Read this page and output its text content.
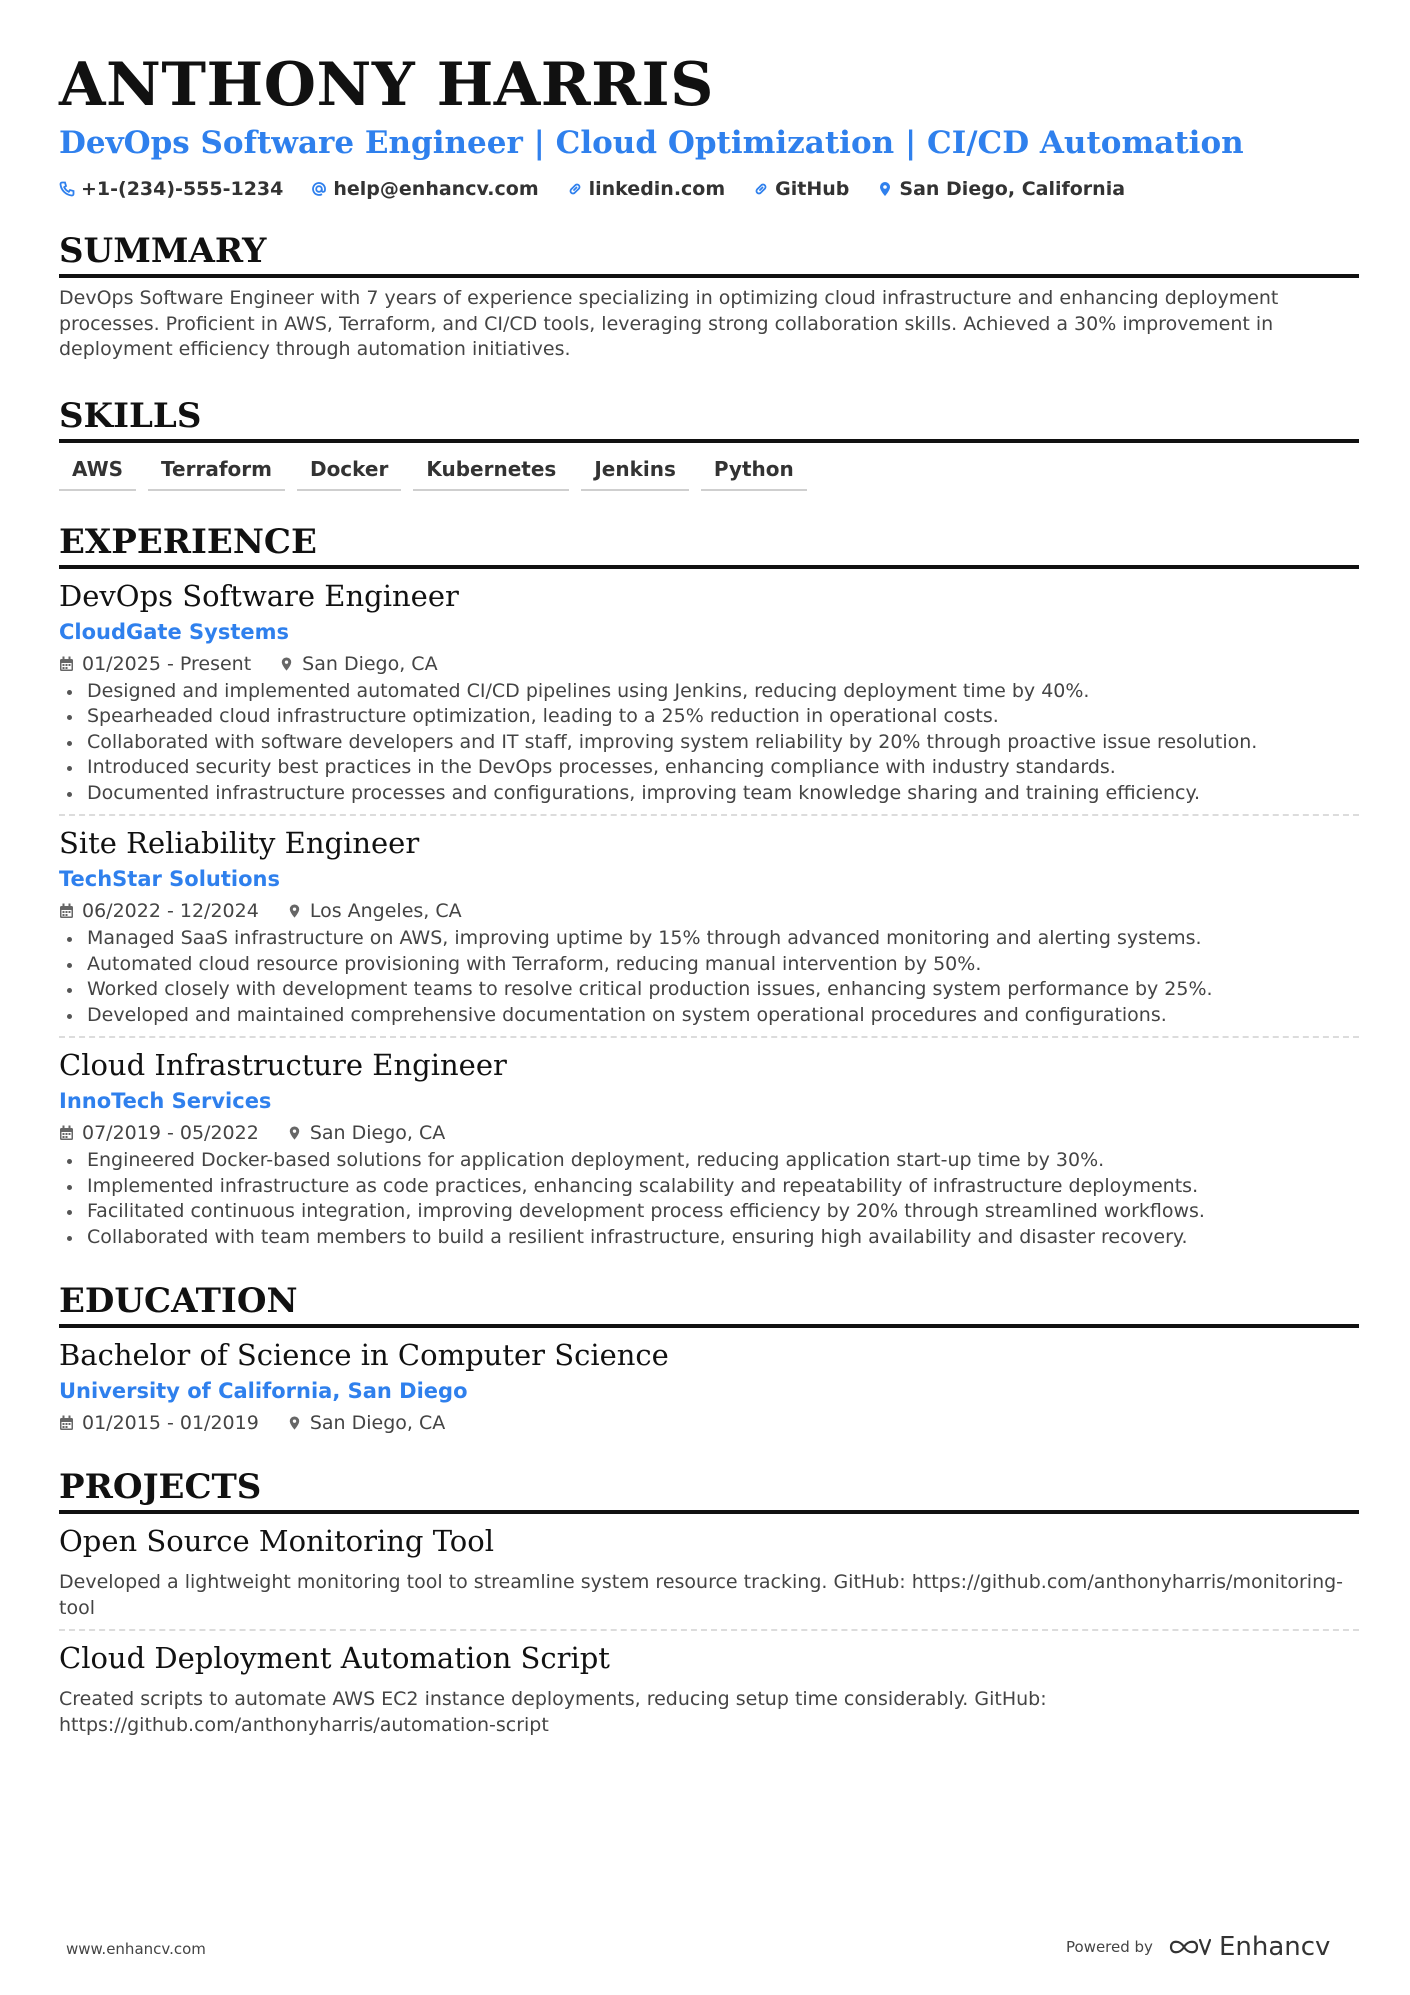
ANTHONY HARRIS
DevOps Software Engineer | Cloud Optimization | CI/CD Automation
+1-(234)-555-1234	help@enhancv.com	linkedin.com	GitHub	San Diego, California
SUMMARY

DevOps Software Engineer with 7 years of experience specializing in optimizing cloud infrastructure and enhancing deployment processes. Proficient in AWS, Terraform, and CI/CD tools, leveraging strong collaboration skills. Achieved a 30% improvement in deployment efficiency through automation initiatives.

SKILLS
AWS	Terraform	Docker	Kubernetes	Jenkins	Python
EXPERIENCE
DevOps Software Engineer
CloudGate Systems
01/2025 - Present	San Diego, CA
Designed and implemented automated CI/CD pipelines using Jenkins, reducing deployment time by 40%.
Spearheaded cloud infrastructure optimization, leading to a 25% reduction in operational costs.
Collaborated with software developers and IT staff, improving system reliability by 20% through proactive issue resolution.
Introduced security best practices in the DevOps processes, enhancing compliance with industry standards.
Documented infrastructure processes and configurations, improving team knowledge sharing and training efficiency.
Site Reliability Engineer
TechStar Solutions
06/2022 - 12/2024	Los Angeles, CA
Managed SaaS infrastructure on AWS, improving uptime by 15% through advanced monitoring and alerting systems.
Automated cloud resource provisioning with Terraform, reducing manual intervention by 50%.
Worked closely with development teams to resolve critical production issues, enhancing system performance by 25%.
Developed and maintained comprehensive documentation on system operational procedures and configurations.
Cloud Infrastructure Engineer
InnoTech Services
07/2019 - 05/2022	San Diego, CA
Engineered Docker-based solutions for application deployment, reducing application start-up time by 30%.
Implemented infrastructure as code practices, enhancing scalability and repeatability of infrastructure deployments.
Facilitated continuous integration, improving development process efficiency by 20% through streamlined workflows.
Collaborated with team members to build a resilient infrastructure, ensuring high availability and disaster recovery.
EDUCATION
Bachelor of Science in Computer Science
University of California, San Diego
01/2015 - 01/2019	San Diego, CA
PROJECTS
Open Source Monitoring Tool

Developed a lightweight monitoring tool to streamline system resource tracking. GitHub: https://github.com/anthonyharris/monitoring-tool

Cloud Deployment Automation Script

Created scripts to automate AWS EC2 instance deployments, reducing setup time considerably. GitHub: https://github.com/anthonyharris/automation-script

www.enhancv.com	Powered by	Enhancv
